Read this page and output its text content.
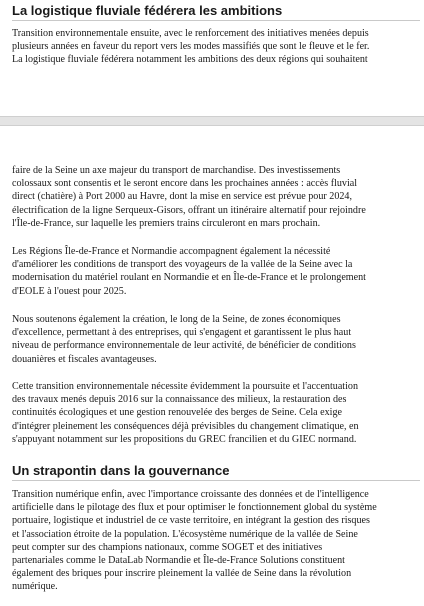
La logistique fluviale fédérera les ambitions

Transition environnementale ensuite, avec le renforcement des initiatives menées depuis
plusieurs années en faveur du report vers les modes massifiés que sont le fleuve et le fer.
La logistique fluviale fédérera notamment les ambitions des deux régions qui souhaitent

faire de la Seine un axe majeur du transport de marchandise. Des investissements
colossaux sont consentis et le seront encore dans les prochaines années : accès fluvial
direct (chatière) à Port 2000 au Havre, dont la mise en service est prévue pour 2024,
électrification de la ligne Serqueux-Gisors, offrant un itinéraire alternatif pour rejoindre

l'Île-de-France, sur laquelle les premiers trains circuleront en mars prochain.

Les Régions Île-de-France et Normandie accompagnent également la nécessité
d'améliorer les conditions de transport des voyageurs de la vallée de la Seine avec la
modernisation du matériel roulant en Normandie et en Île-de-France et le prolongement
d'EOLE à l'ouest pour 2025.

Nous soutenons également la création, le long de la Seine, de zones économiques
d'excellence, permettant à des entreprises, qui s'engagent et garantissent le plus haut
niveau de performance environnementale de leur activité, de bénéficier de conditions
douanières et fiscales avantageuses.

Cette transition environnementale nécessite évidemment la poursuite et l'accentuation
des travaux menés depuis 2016 sur la connaissance des milieux, la restauration des
continuités écologiques et une gestion renouvelée des berges de Seine. Cela exige
d'intégrer pleinement les conséquences déjà prévisibles du changement climatique, en
s'appuyant notamment sur les propositions du GREC francilien et du GIEC normand.

Un strapontin dans la gouvernance

Transition numérique enfin, avec l'importance croissante des données et de l'intelligence
artificielle dans le pilotage des flux et pour optimiser le fonctionnement global du système
portuaire, logistique et industriel de ce vaste territoire, en intégrant la gestion des risques
et l'association étroite de la population. L'écosystème numérique de la vallée de Seine
peut compter sur des champions nationaux, comme SOGET et des initiatives
partenariales comme le DataLab Normandie et Île-de-France Solutions constituent
également des briques pour inscrire pleinement la vallée de Seine dans la révolution
numérique.
